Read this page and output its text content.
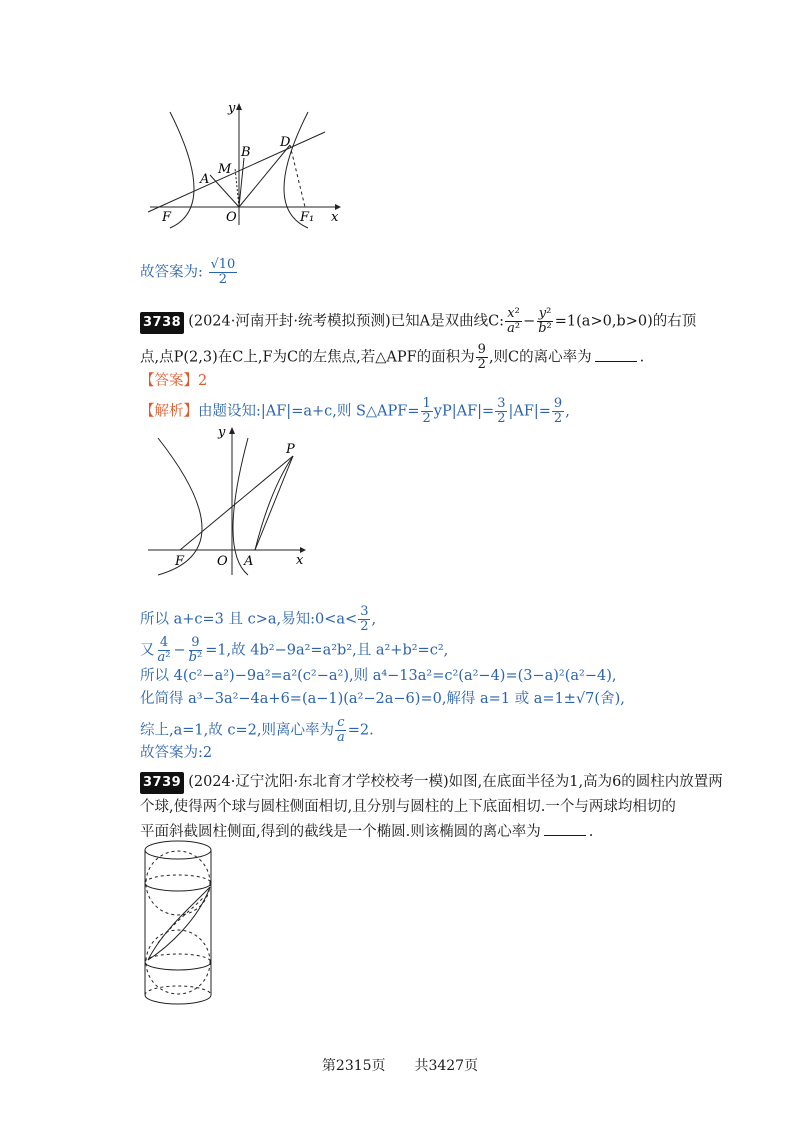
y
x
D
B
M
A
F	O	F₁
故答案为: $\frac{√10}{2}$
3738 (2024·河南开封·统考模拟预测)已知A是双曲线C: $\frac{\text{x²}}{\text{a²}} - \frac{\text{y²}}{\text{b²}} =1(a>0,b>0)$的右顶
点,点P(2,3)在C上,F为C的左焦点,若△APF的面积为 $\frac{9}{2}$ ,则C的离心率为	.
【答案】2
【解析】由题设知:|AF|=a+c,则 S△APF= $\frac{1}{2} yP|AF|= \frac{3}{2} |AF|= \frac{9}{2}$ ,
y
x
P
F	O A
所以 a+c=3 且 c>a,易知:0<a< $\frac{3}{2}$ ,
又 $\frac{4}{\text{a²}} - \frac{9}{\text{b²}} =1$,故 4b²−9a²=a²b²,且 a²+b²=c²,
所以 4(c²−a²)−9a²=a²(c²−a²),则 a⁴−13a²=c²(a²−4)=(3−a)²(a²−4),
化简得 a³−3a²−4a+6=(a−1)(a²−2a−6)=0,解得 a=1 或 a=1±√7(舍),
综上,a=1,故 c=2,则离心率为 $\frac{c}{a} =2$.
故答案为:2
3739 (2024·辽宁沈阳·东北育才学校校考一模)如图,在底面半径为1,高为6的圆柱内放置两
个球,使得两个球与圆柱侧面相切,且分别与圆柱的上下底面相切.一个与两球均相切的
平面斜截圆柱侧面,得到的截线是一个椭圆.则该椭圆的离心率为	.
第2315页 共3427页
